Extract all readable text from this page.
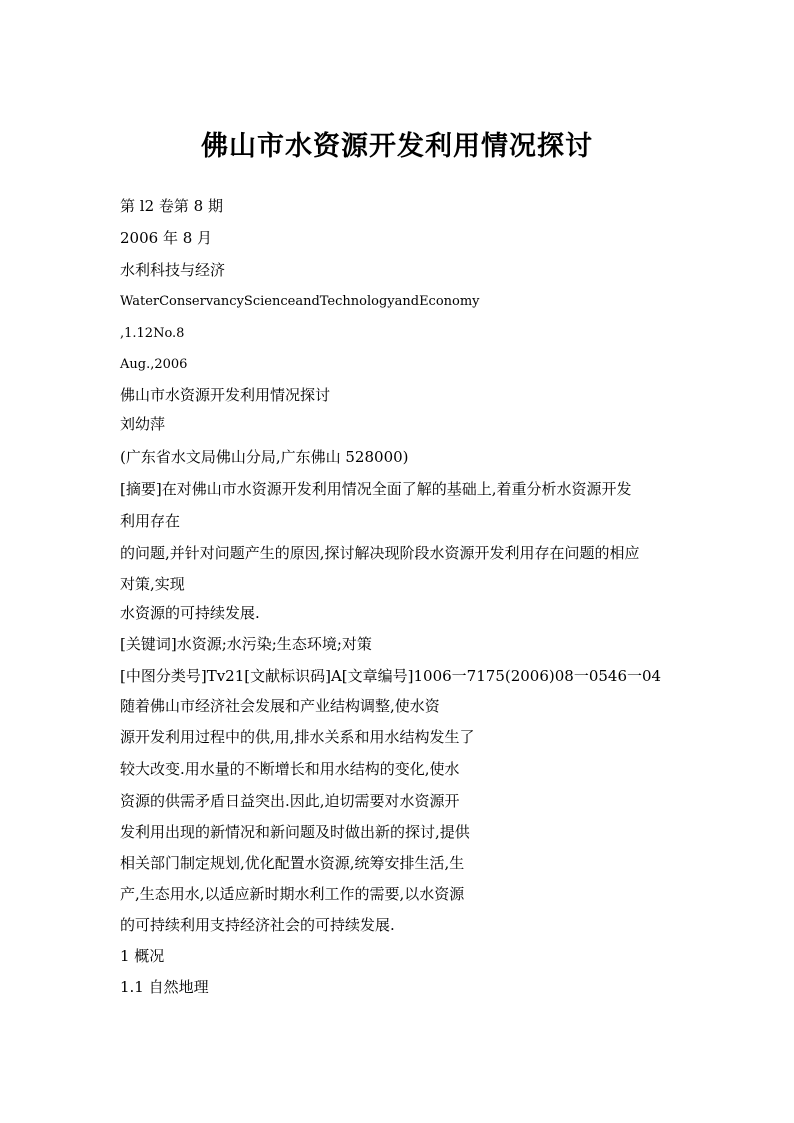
佛山市水资源开发利用情况探讨
第 l2 卷第 8 期
2006 年 8 月
水利科技与经济
WaterConservancyScienceandTechnologyandEconomy
,1.12No.8
Aug.,2006
佛山市水资源开发利用情况探讨
刘幼萍
(广东省水文局佛山分局,广东佛山 528000)
[摘要]在对佛山市水资源开发利用情况全面了解的基础上,着重分析水资源开发
利用存在
的问题,并针对问题产生的原因,探讨解决现阶段水资源开发利用存在问题的相应
对策,实现
水资源的可持续发展.
[关键词]水资源;水污染;生态环境;对策
[中图分类号]Tv21[文献标识码]A[文章编号]1006一7175(2006)08一0546一04
随着佛山市经济社会发展和产业结构调整,使水资
源开发利用过程中的供,用,排水关系和用水结构发生了
较大改变.用水量的不断增长和用水结构的变化,使水
资源的供需矛盾日益突出.因此,迫切需要对水资源开
发利用出现的新情况和新问题及时做出新的探讨,提供
相关部门制定规划,优化配置水资源,统筹安排生活,生
产,生态用水,以适应新时期水利工作的需要,以水资源
的可持续利用支持经济社会的可持续发展.
1 概况
1.1 自然地理
